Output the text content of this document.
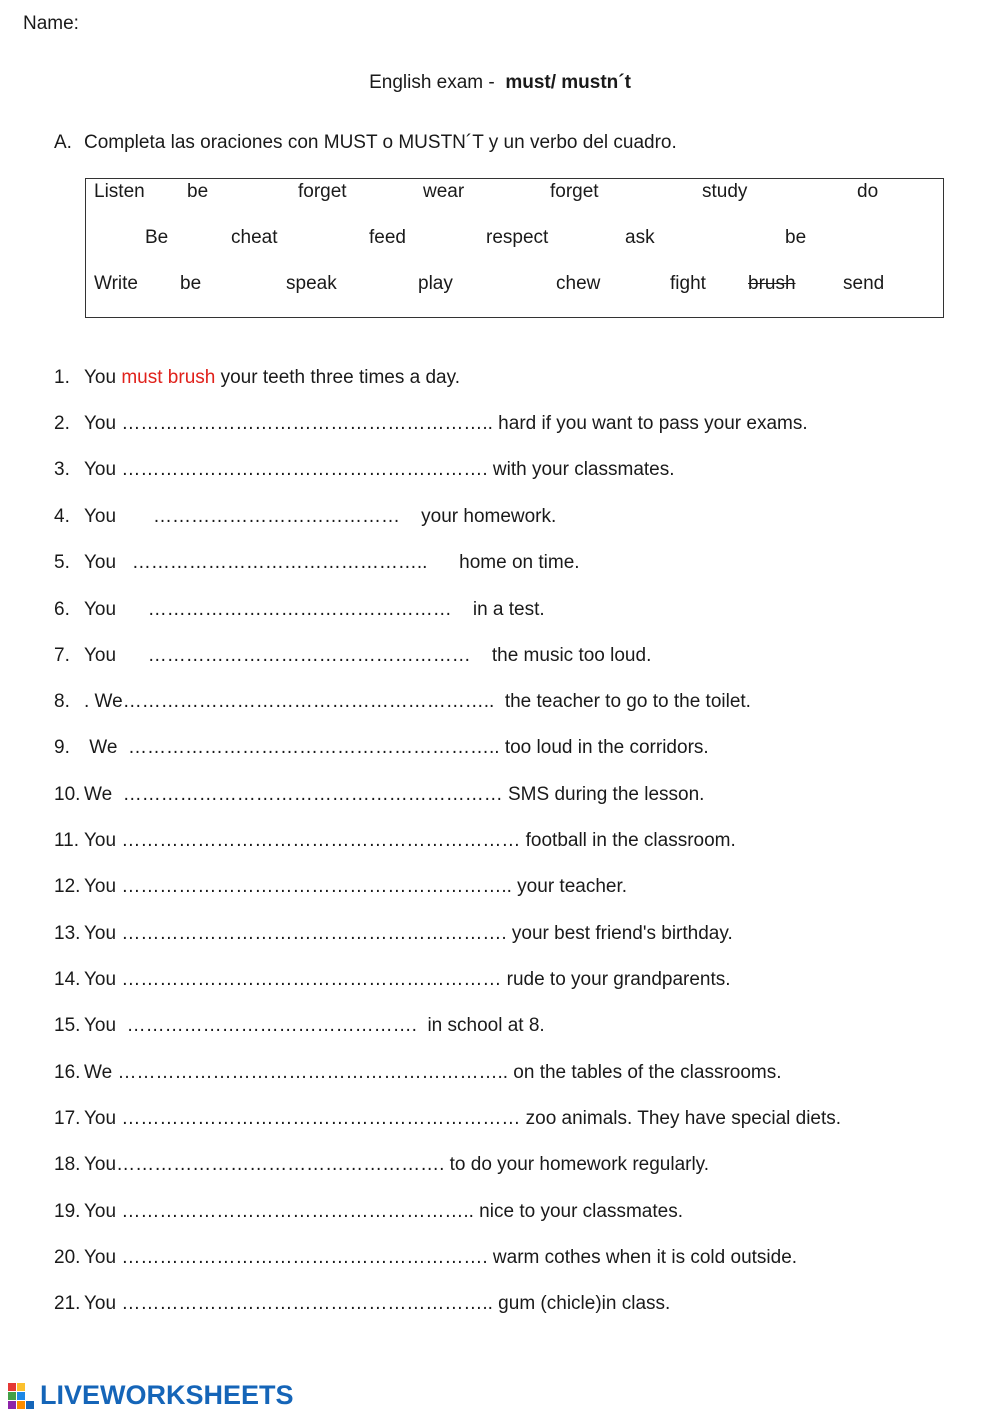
Name:
English exam -  must/ mustn´t
A. Completa las oraciones con MUST o MUSTN´T y un verbo del cuadro.
Listen be	forget	wear	forget	study	do
Be	cheat	feed	respect	ask	be
Write be	speak	play	chew	fight brush send
1. You must brush your teeth three times a day.
2. You ………………………………………………….. hard if you want to pass your exams.
3. You …………………………………………………. with your classmates.
4. You       …………………………………    your homework.
5. You   ………………………………………..      home on time.
6. You      …………………………………………    in a test.
7. You      ……………………………………………    the music too loud.
8. . We…………………………………………………..  the teacher to go to the toilet.
9. We  ………………………………………………….. too loud in the corridors.
10. We  …………………………………………………… SMS during the lesson.
11. You ……………………………………………………… football in the classroom.
12. You …………………………………………………….. your teacher.
13. You ……………………………………………………. your best friend's birthday.
14. You …………………………………………………… rude to your grandparents.
15. You  ……………………………………….  in school at 8.
16. We …………………………………………………….. on the tables of the classrooms.
17. You ……………………………………………………… zoo animals. They have special diets.
18. You……………………………………………. to do your homework regularly.
19. You ……………………………………………….. nice to your classmates.
20. You …………………………………………………. warm cothes when it is cold outside.
21. You ………………………………………………….. gum (chicle)in class.
LIVEWORKSHEETS
